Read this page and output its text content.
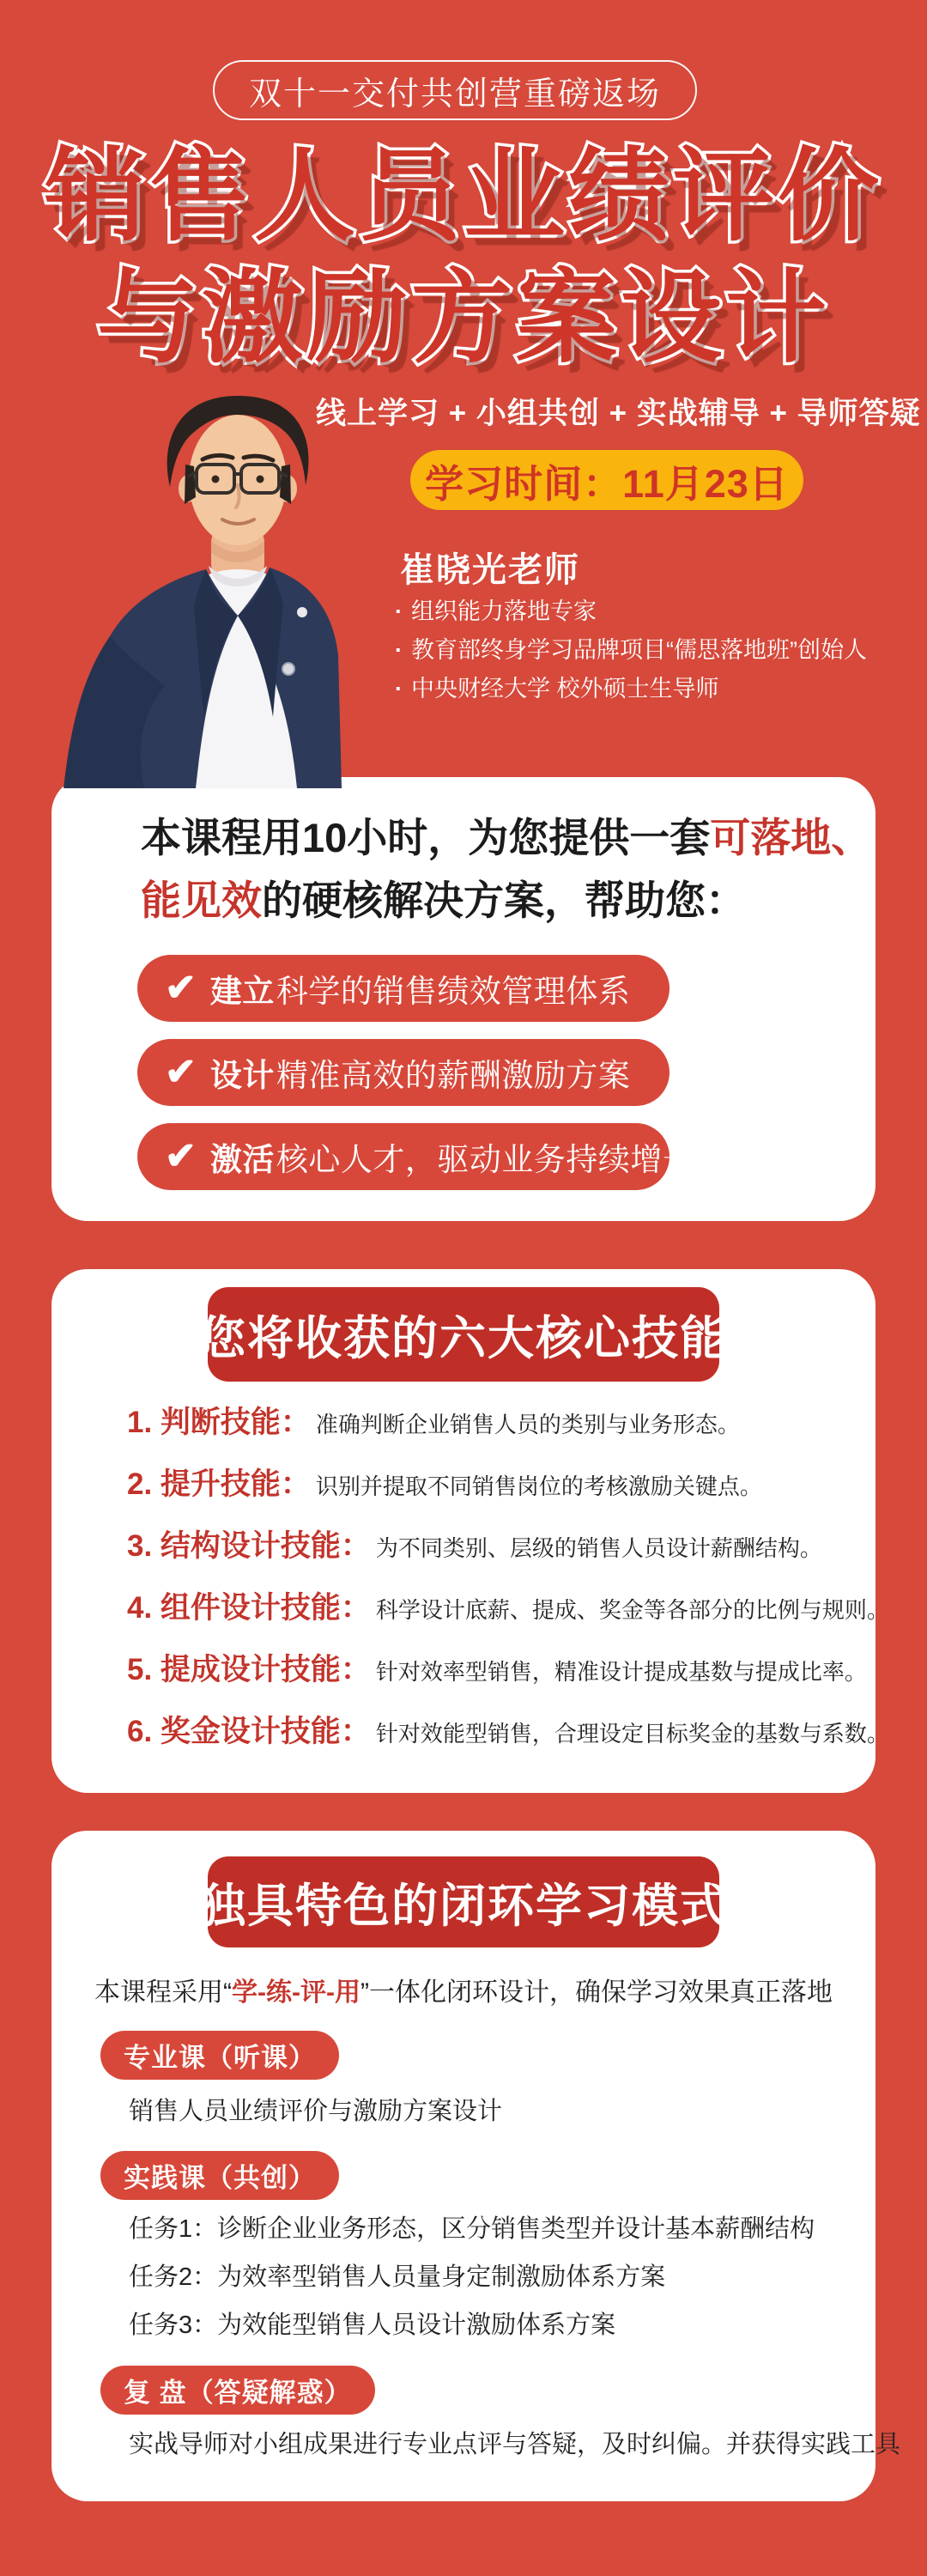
双十一交付共创营重磅返场
销售人员业绩评价
与激励方案设计
线上学习 + 小组共创 + 实战辅导 + 导师答疑
学习时间：11月23日
崔晓光老师
· 组织能力落地专家
· 教育部终身学习品牌项目“儒思落地班”创始人
· 中央财经大学 校外硕士生导师
本课程用10小时，为您提供一套可落地、
能见效的硬核解决方案，帮助您：
✔ 建立科学的销售绩效管理体系
✔ 设计精准高效的薪酬激励方案
✔ 激活核心人才，驱动业务持续增长
您将收获的六大核心技能
1. 判断技能： 准确判断企业销售人员的类别与业务形态。
2. 提升技能： 识别并提取不同销售岗位的考核激励关键点。
3. 结构设计技能： 为不同类别、层级的销售人员设计薪酬结构。
4. 组件设计技能： 科学设计底薪、提成、奖金等各部分的比例与规则。
5. 提成设计技能： 针对效率型销售，精准设计提成基数与提成比率。
6. 奖金设计技能： 针对效能型销售，合理设定目标奖金的基数与系数。
独具特色的闭环学习模式
本课程采用“学-练-评-用”一体化闭环设计，确保学习效果真正落地
专业课（听课）
销售人员业绩评价与激励方案设计
实践课（共创）
任务1：诊断企业业务形态，区分销售类型并设计基本薪酬结构
任务2：为效率型销售人员量身定制激励体系方案
任务3：为效能型销售人员设计激励体系方案
复 盘（答疑解惑）
实战导师对小组成果进行专业点评与答疑，及时纠偏。并获得实践工具
